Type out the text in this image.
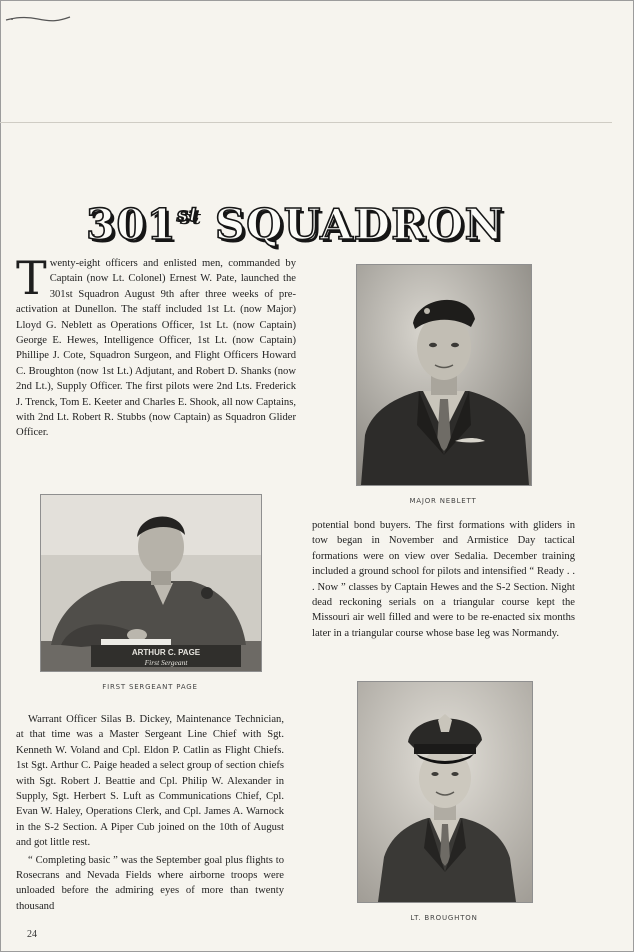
301st SQUADRON
Twenty-eight officers and enlisted men, commanded by Captain (now Lt. Colonel) Ernest W. Pate, launched the 301st Squadron August 9th after three weeks of pre-activation at Dunellon. The staff included 1st Lt. (now Major) Lloyd G. Neblett as Operations Officer, 1st Lt. (now Captain) George E. Hewes, Intelligence Officer, 1st Lt. (now Captain) Phillipe J. Cote, Squadron Surgeon, and Flight Officers Howard C. Broughton (now 1st Lt.) Adjutant, and Robert D. Shanks (now 2nd Lt.), Supply Officer. The first pilots were 2nd Lts. Frederick J. Trenck, Tom E. Keeter and Charles E. Shook, all now Captains, with 2nd Lt. Robert R. Stubbs (now Captain) as Squadron Glider Officer.

MAJOR NEBLETT

ARTHUR C. PAGE
First Sergeant

FIRST SERGEANT PAGE

potential bond buyers. The first formations with gliders in tow began in November and Armistice Day tactical formations were on view over Sedalia. December training included a ground school for pilots and intensified “ Ready . . . Now ” classes by Captain Hewes and the S-2 Section. Night dead reckoning serials on a triangular course kept the Missouri air well filled and were to be re-enacted six months later in a triangular course whose base leg was Normandy.
Warrant Officer Silas B. Dickey, Maintenance Technician, at that time was a Master Sergeant Line Chief with Sgt. Kenneth W. Voland and Cpl. Eldon P. Catlin as Flight Chiefs. 1st Sgt. Arthur C. Paige headed a select group of section chiefs with Sgt. Robert J. Beattie and Cpl. Philip W. Alexander in Supply, Sgt. Herbert S. Luft as Communications Chief, Cpl. Evan W. Haley, Operations Clerk, and Cpl. James A. Warnock in the S-2 Section. A Piper Cub joined on the 10th of August and got little rest.
“ Completing basic ” was the September goal plus flights to Rosecrans and Nevada Fields where airborne troops were unloaded before the admiring eyes of more than twenty thousand

LT. BROUGHTON

24
